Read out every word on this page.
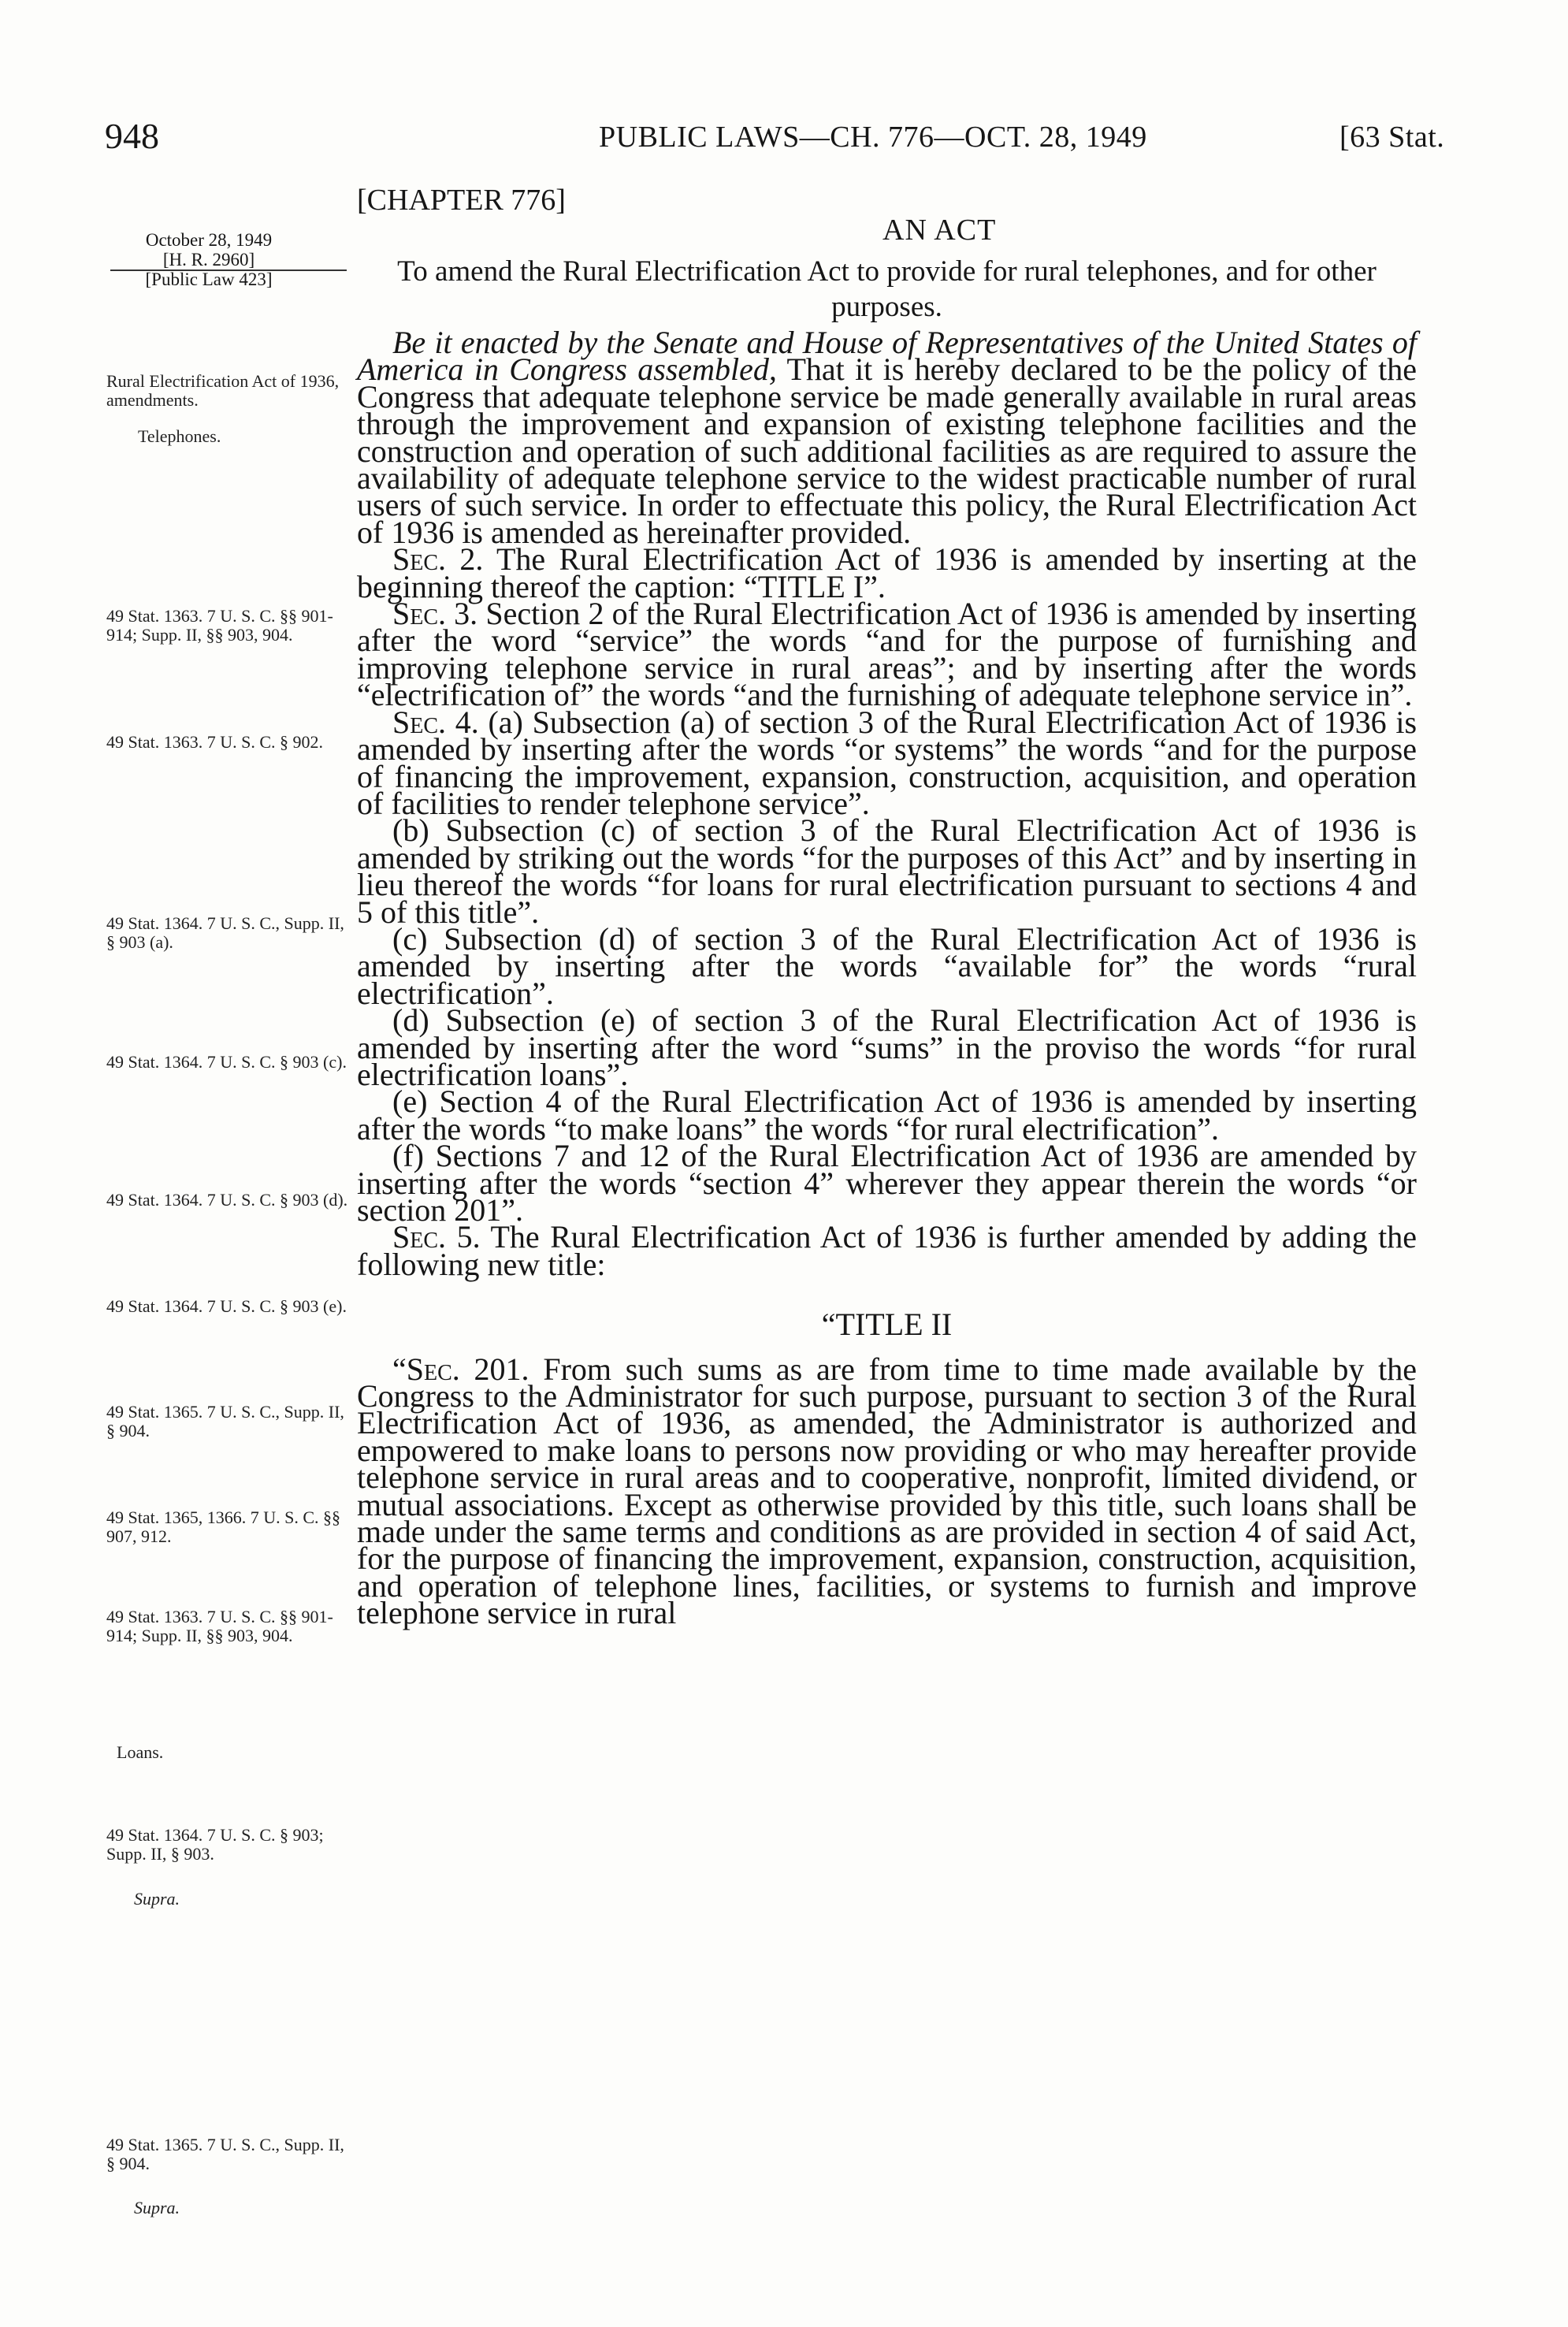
948	PUBLIC LAWS—CH. 776—OCT. 28, 1949	[63 Stat.
[CHAPTER 776]
AN ACT
To amend the Rural Electrification Act to provide for rural telephones, and for other purposes.
October 28, 1949
[H. R. 2960]
[Public Law 423]
Rural Electrification Act of 1936, amendments.
Telephones.
49 Stat. 1363. 7 U. S. C. §§ 901-914; Supp. II, §§ 903, 904.
49 Stat. 1363. 7 U. S. C. § 902.
49 Stat. 1364. 7 U. S. C., Supp. II, § 903 (a).
49 Stat. 1364. 7 U. S. C. § 903 (c).
49 Stat. 1364. 7 U. S. C. § 903 (d).
49 Stat. 1364. 7 U. S. C. § 903 (e).
49 Stat. 1365. 7 U. S. C., Supp. II, § 904.
49 Stat. 1365, 1366. 7 U. S. C. §§ 907, 912.
49 Stat. 1363. 7 U. S. C. §§ 901-914; Supp. II, §§ 903, 904.
Loans.
49 Stat. 1364. 7 U. S. C. § 903; Supp. II, § 903.
Supra.
49 Stat. 1365. 7 U. S. C., Supp. II, § 904.
Supra.

Be it enacted by the Senate and House of Representatives of the United States of America in Congress assembled, That it is hereby declared to be the policy of the Congress that adequate telephone service be made generally available in rural areas through the improvement and expansion of existing telephone facilities and the construction and operation of such additional facilities as are required to assure the availability of adequate telephone service to the widest practicable number of rural users of such service. In order to effectuate this policy, the Rural Electrification Act of 1936 is amended as hereinafter provided.

Sec. 2. The Rural Electrification Act of 1936 is amended by inserting at the beginning thereof the caption: “TITLE I”.

Sec. 3. Section 2 of the Rural Electrification Act of 1936 is amended by inserting after the word “service” the words “and for the purpose of furnishing and improving telephone service in rural areas”; and by inserting after the words “electrification of” the words “and the furnishing of adequate telephone service in”.

Sec. 4. (a) Subsection (a) of section 3 of the Rural Electrification Act of 1936 is amended by inserting after the words “or systems” the words “and for the purpose of financing the improvement, expansion, construction, acquisition, and operation of facilities to render telephone service”.

(b) Subsection (c) of section 3 of the Rural Electrification Act of 1936 is amended by striking out the words “for the purposes of this Act” and by inserting in lieu thereof the words “for loans for rural electrification pursuant to sections 4 and 5 of this title”.

(c) Subsection (d) of section 3 of the Rural Electrification Act of 1936 is amended by inserting after the words “available for” the words “rural electrification”.

(d) Subsection (e) of section 3 of the Rural Electrification Act of 1936 is amended by inserting after the word “sums” in the proviso the words “for rural electrification loans”.

(e) Section 4 of the Rural Electrification Act of 1936 is amended by inserting after the words “to make loans” the words “for rural electrification”.

(f) Sections 7 and 12 of the Rural Electrification Act of 1936 are amended by inserting after the words “section 4” wherever they appear therein the words “or section 201”.

Sec. 5. The Rural Electrification Act of 1936 is further amended by adding the following new title:

“TITLE II

“Sec. 201. From such sums as are from time to time made available by the Congress to the Administrator for such purpose, pursuant to section 3 of the Rural Electrification Act of 1936, as amended, the Administrator is authorized and empowered to make loans to persons now providing or who may hereafter provide telephone service in rural areas and to cooperative, nonprofit, limited dividend, or mutual associations. Except as otherwise provided by this title, such loans shall be made under the same terms and conditions as are provided in section 4 of said Act, for the purpose of financing the improvement, expansion, construction, acquisition, and operation of telephone lines, facilities, or systems to furnish and improve telephone service in rural
